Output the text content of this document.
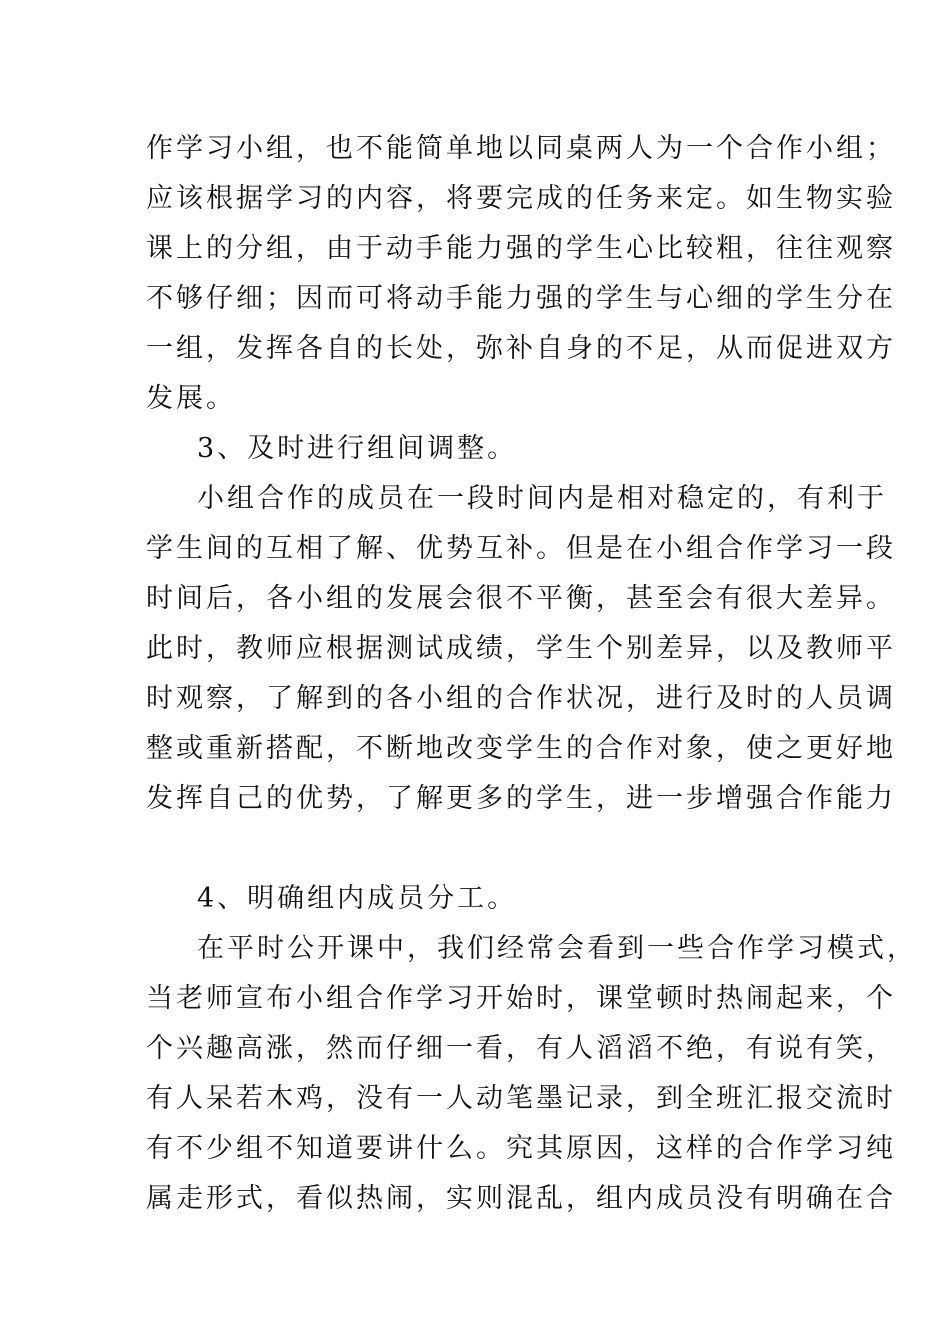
作学习小组，也不能简单地以同桌两人为一个合作小组；
应该根据学习的内容，将要完成的任务来定。如生物实验
课上的分组，由于动手能力强的学生心比较粗，往往观察
不够仔细；因而可将动手能力强的学生与心细的学生分在
一组，发挥各自的长处，弥补自身的不足，从而促进双方
发展。
3、及时进行组间调整。
小组合作的成员在一段时间内是相对稳定的，有利于
学生间的互相了解、优势互补。但是在小组合作学习一段
时间后，各小组的发展会很不平衡，甚至会有很大差异。
此时，教师应根据测试成绩，学生个别差异，以及教师平
时观察，了解到的各小组的合作状况，进行及时的人员调
整或重新搭配，不断地改变学生的合作对象，使之更好地
发挥自己的优势，了解更多的学生，进一步增强合作能力
4、明确组内成员分工。
在平时公开课中，我们经常会看到一些合作学习模式，
当老师宣布小组合作学习开始时，课堂顿时热闹起来，个
个兴趣高涨，然而仔细一看，有人滔滔不绝，有说有笑，
有人呆若木鸡，没有一人动笔墨记录，到全班汇报交流时
有不少组不知道要讲什么。究其原因，这样的合作学习纯
属走形式，看似热闹，实则混乱，组内成员没有明确在合
